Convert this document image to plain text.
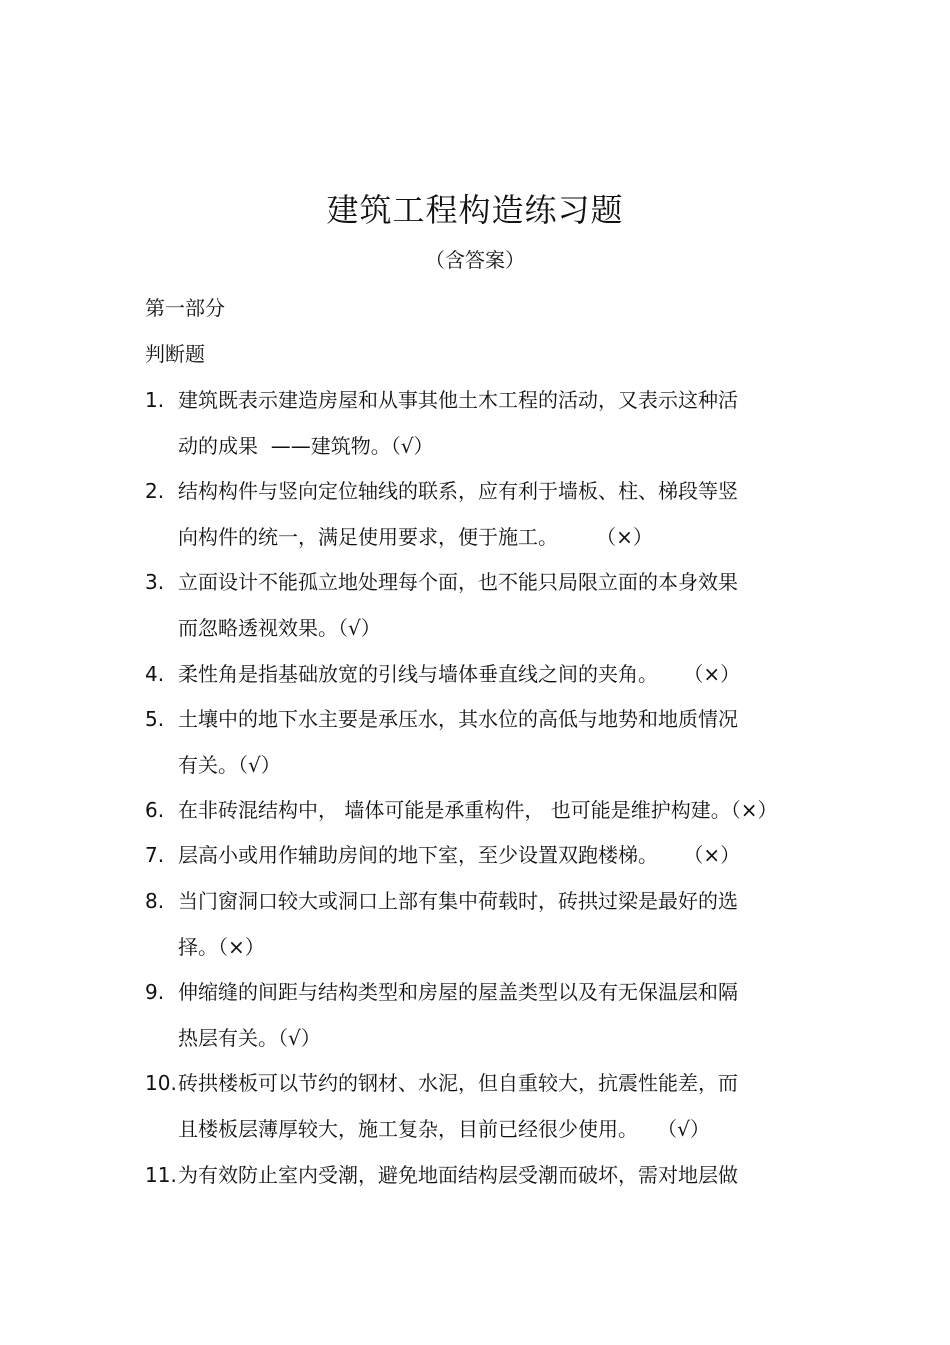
建筑工程构造练习题
（含答案）
第一部分
判断题
1. 建筑既表示建造房屋和从事其他土木工程的活动，又表示这种活
动的成果  ——建筑物。（√）
2. 结构构件与竖向定位轴线的联系，应有利于墙板、柱、梯段等竖
向构件的统一，满足使用要求，便于施工。      （×）
3. 立面设计不能孤立地处理每个面，也不能只局限立面的本身效果
而忽略透视效果。（√）
4. 柔性角是指基础放宽的引线与墙体垂直线之间的夹角。    （×）
5. 土壤中的地下水主要是承压水，其水位的高低与地势和地质情况
有关。（√）
6. 在非砖混结构中， 墙体可能是承重构件， 也可能是维护构建。（×）
7. 层高小或用作辅助房间的地下室，至少设置双跑楼梯。    （×）
8. 当门窗洞口较大或洞口上部有集中荷载时，砖拱过梁是最好的选
择。（×）
9. 伸缩缝的间距与结构类型和房屋的屋盖类型以及有无保温层和隔
热层有关。（√）
10. 砖拱楼板可以节约的钢材、水泥，但自重较大，抗震性能差，而
且楼板层薄厚较大，施工复杂，目前已经很少使用。   （√）
11. 为有效防止室内受潮，避免地面结构层受潮而破坏，需对地层做
